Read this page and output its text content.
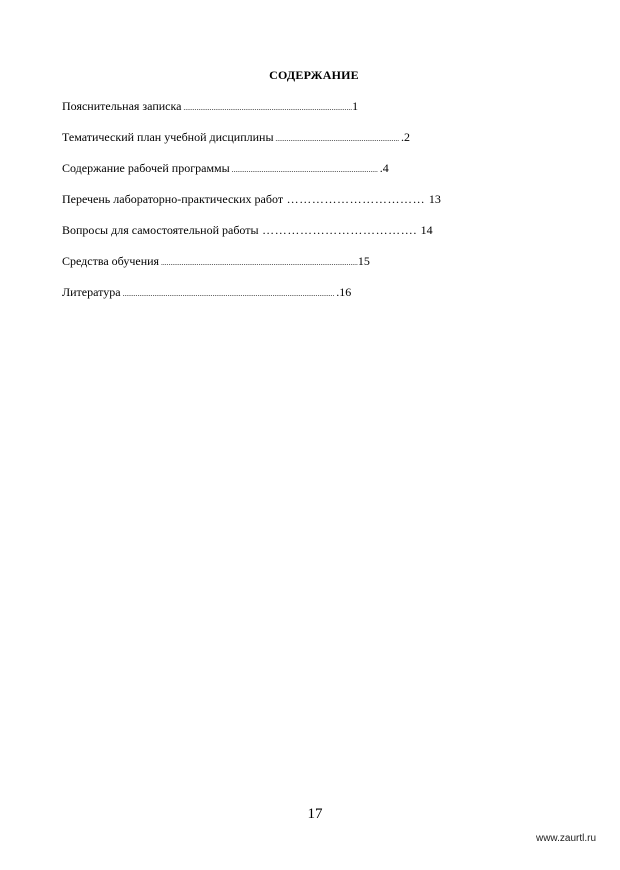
СОДЕРЖАНИЕ
Пояснительная записка ..........................................................................................1
Тематический план учебной дисциплины .................................................................. .2
Содержание рабочей программы .............................................................................. .4
Перечень лабораторно-практических работ …………………………… 13
Вопросы для самостоятельной работы ………………………………. 14
Средства обучения .........................................................................................................15
Литература ................................................................................................................. .16
17
www.zaurtl.ru
